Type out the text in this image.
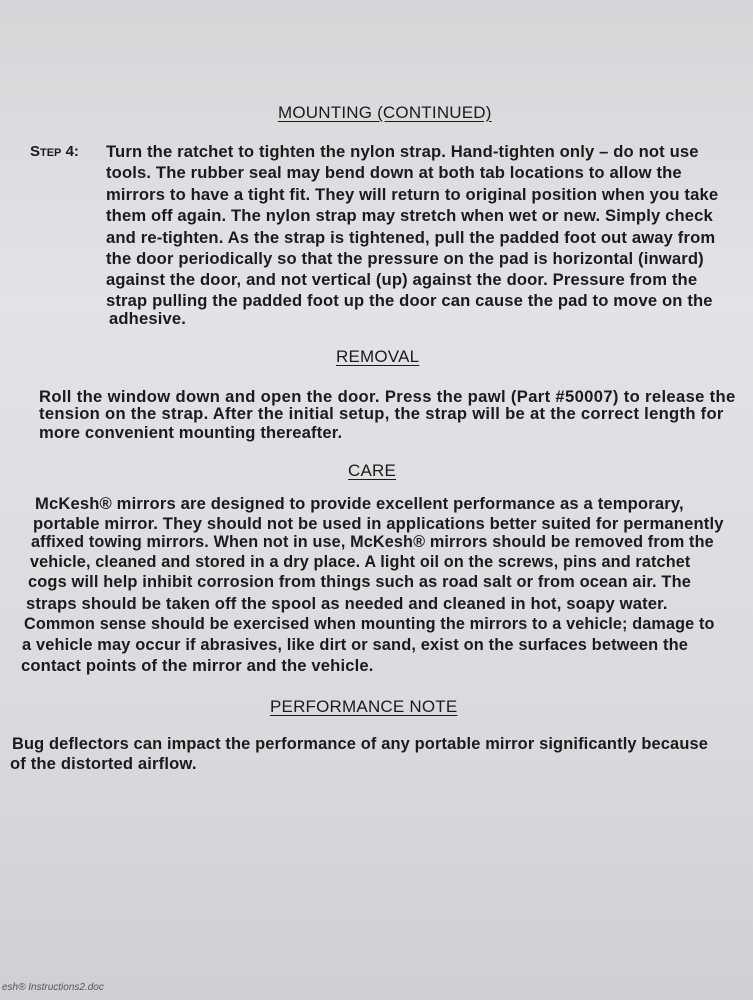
MOUNTING (CONTINUED)
Step 4: Turn the ratchet to tighten the nylon strap. Hand-tighten only – do not use
tools. The rubber seal may bend down at both tab locations to allow the
mirrors to have a tight fit. They will return to original position when you take
them off again. The nylon strap may stretch when wet or new. Simply check
and re-tighten. As the strap is tightened, pull the padded foot out away from
the door periodically so that the pressure on the pad is horizontal (inward)
against the door, and not vertical (up) against the door. Pressure from the
strap pulling the padded foot up the door can cause the pad to move on the
adhesive.
REMOVAL
Roll the window down and open the door. Press the pawl (Part #50007) to release the
tension on the strap. After the initial setup, the strap will be at the correct length for
more convenient mounting thereafter.
CARE
McKesh® mirrors are designed to provide excellent performance as a temporary,
portable mirror. They should not be used in applications better suited for permanently
affixed towing mirrors. When not in use, McKesh® mirrors should be removed from the
vehicle, cleaned and stored in a dry place. A light oil on the screws, pins and ratchet
cogs will help inhibit corrosion from things such as road salt or from ocean air. The
straps should be taken off the spool as needed and cleaned in hot, soapy water.
Common sense should be exercised when mounting the mirrors to a vehicle; damage to
a vehicle may occur if abrasives, like dirt or sand, exist on the surfaces between the
contact points of the mirror and the vehicle.
PERFORMANCE NOTE
Bug deflectors can impact the performance of any portable mirror significantly because
of the distorted airflow.
esh® Instructions2.doc
